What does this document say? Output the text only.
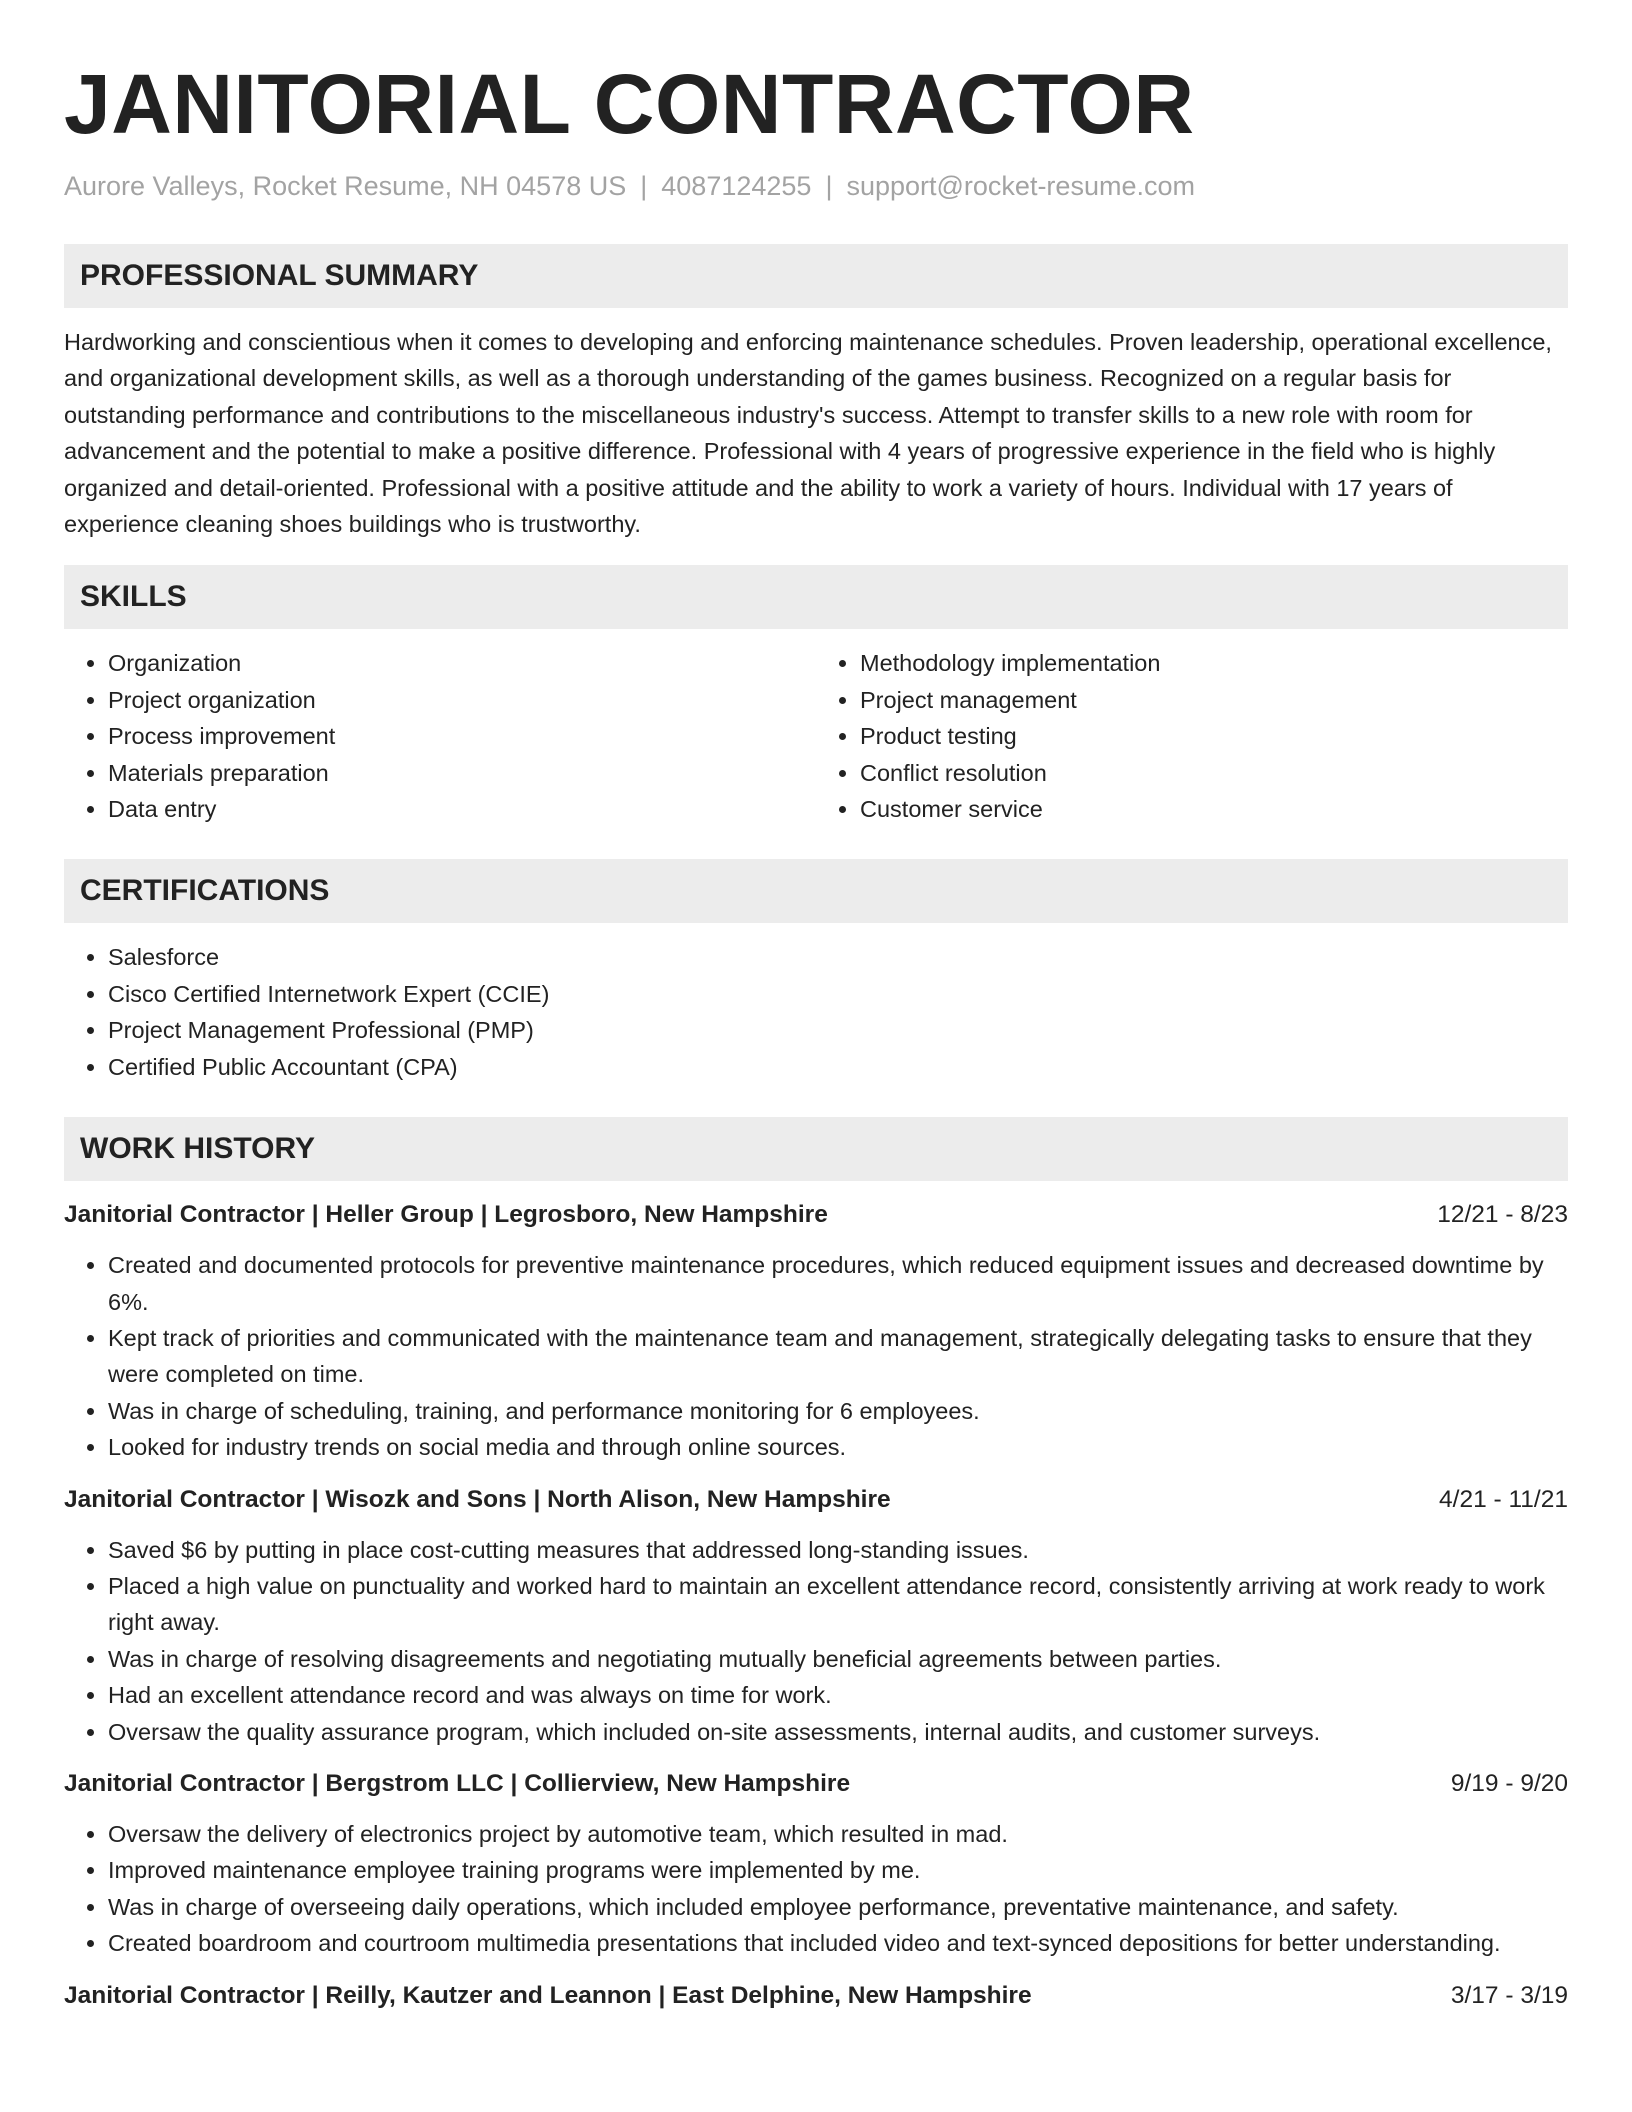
JANITORIAL CONTRACTOR
Aurore Valleys, Rocket Resume, NH 04578 US | 4087124255 | support@rocket-resume.com
PROFESSIONAL SUMMARY

Hardworking and conscientious when it comes to developing and enforcing maintenance schedules. Proven leadership, operational excellence, and organizational development skills, as well as a thorough understanding of the games business. Recognized on a regular basis for outstanding performance and contributions to the miscellaneous industry's success. Attempt to transfer skills to a new role with room for advancement and the potential to make a positive difference. Professional with 4 years of progressive experience in the field who is highly organized and detail-oriented. Professional with a positive attitude and the ability to work a variety of hours. Individual with 17 years of experience cleaning shoes buildings who is trustworthy.

SKILLS
• Organization
• Project organization
• Process improvement
• Materials preparation
• Data entry
• Methodology implementation
• Project management
• Product testing
• Conflict resolution
• Customer service
CERTIFICATIONS
• Salesforce
• Cisco Certified Internetwork Expert (CCIE)
• Project Management Professional (PMP)
• Certified Public Accountant (CPA)
WORK HISTORY
Janitorial Contractor | Heller Group | Legrosboro, New Hampshire	12/21 - 8/23
• Created and documented protocols for preventive maintenance procedures, which reduced equipment issues and decreased downtime by 6%.
• Kept track of priorities and communicated with the maintenance team and management, strategically delegating tasks to ensure that they were completed on time.
• Was in charge of scheduling, training, and performance monitoring for 6 employees.
• Looked for industry trends on social media and through online sources.
Janitorial Contractor | Wisozk and Sons | North Alison, New Hampshire	4/21 - 11/21
• Saved $6 by putting in place cost-cutting measures that addressed long-standing issues.
• Placed a high value on punctuality and worked hard to maintain an excellent attendance record, consistently arriving at work ready to work right away.
• Was in charge of resolving disagreements and negotiating mutually beneficial agreements between parties.
• Had an excellent attendance record and was always on time for work.
• Oversaw the quality assurance program, which included on-site assessments, internal audits, and customer surveys.
Janitorial Contractor | Bergstrom LLC | Collierview, New Hampshire	9/19 - 9/20
• Oversaw the delivery of electronics project by automotive team, which resulted in mad.
• Improved maintenance employee training programs were implemented by me.
• Was in charge of overseeing daily operations, which included employee performance, preventative maintenance, and safety.
• Created boardroom and courtroom multimedia presentations that included video and text-synced depositions for better understanding.
Janitorial Contractor | Reilly, Kautzer and Leannon | East Delphine, New Hampshire	3/17 - 3/19
